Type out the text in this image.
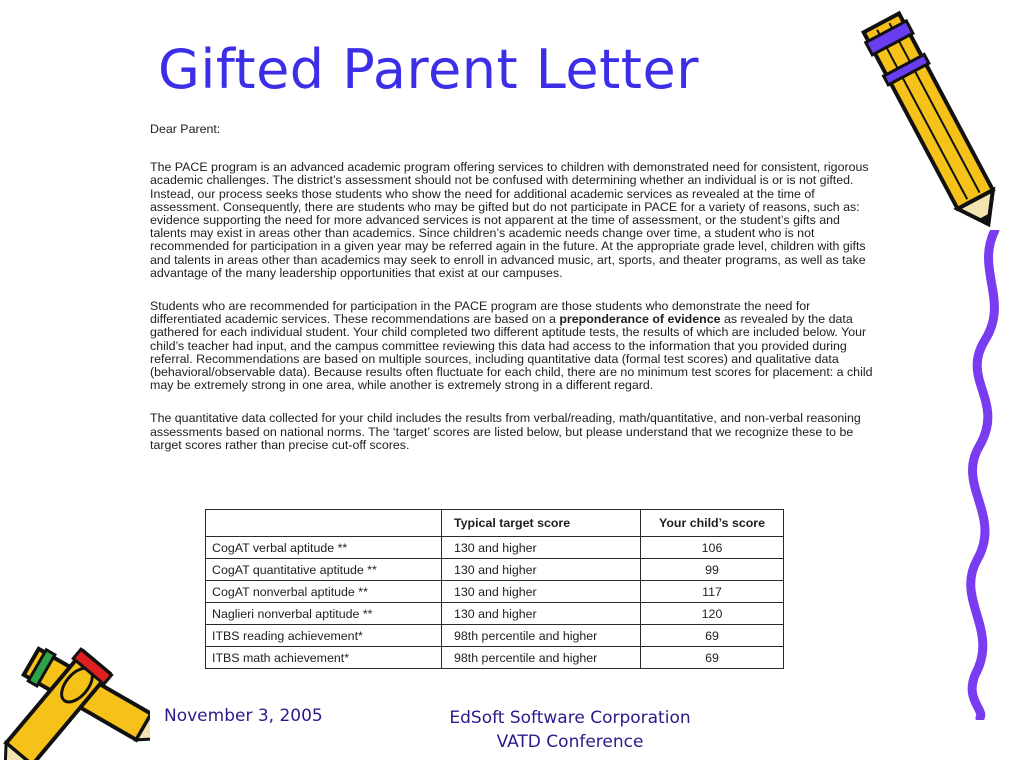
Gifted Parent Letter

Dear Parent:

The PACE program is an advanced academic program offering services to children with demonstrated need for consistent, rigorous academic challenges. The district’s assessment should not be confused with determining whether an individual is or is not gifted. Instead, our process seeks those students who show the need for additional academic services as revealed at the time of assessment. Consequently, there are students who may be gifted but do not participate in PACE for a variety of reasons, such as: evidence supporting the need for more advanced services is not apparent at the time of assessment, or the student’s gifts and talents may exist in areas other than academics. Since children’s academic needs change over time, a student who is not recommended for participation in a given year may be referred again in the future. At the appropriate grade level, children with gifts and talents in areas other than academics may seek to enroll in advanced music, art, sports, and theater programs, as well as take advantage of the many leadership opportunities that exist at our campuses.

Students who are recommended for participation in the PACE program are those students who demonstrate the need for differentiated academic services. These recommendations are based on a preponderance of evidence as revealed by the data gathered for each individual student. Your child completed two different aptitude tests, the results of which are included below. Your child’s teacher had input, and the campus committee reviewing this data had access to the information that you provided during referral. Recommendations are based on multiple sources, including quantitative data (formal test scores) and qualitative data (behavioral/observable data). Because results often fluctuate for each child, there are no minimum test scores for placement: a child may be extremely strong in one area, while another is extremely strong in a different regard.

The quantitative data collected for your child includes the results from verbal/reading, math/quantitative, and non-verbal reasoning assessments based on national norms. The ‘target’ scores are listed below, but please understand that we recognize these to be target scores rather than precise cut-off scores.

	Typical target score	Your child’s score
CogAT verbal aptitude **	130 and higher	106
CogAT quantitative aptitude **	130 and higher	99
CogAT nonverbal aptitude **	130 and higher	117
Naglieri nonverbal aptitude **	130 and higher	120
ITBS reading achievement*	98th percentile and higher	69
ITBS math achievement*	98th percentile and higher	69
November 3, 2005	EdSoft Software Corporation
VATD Conference
